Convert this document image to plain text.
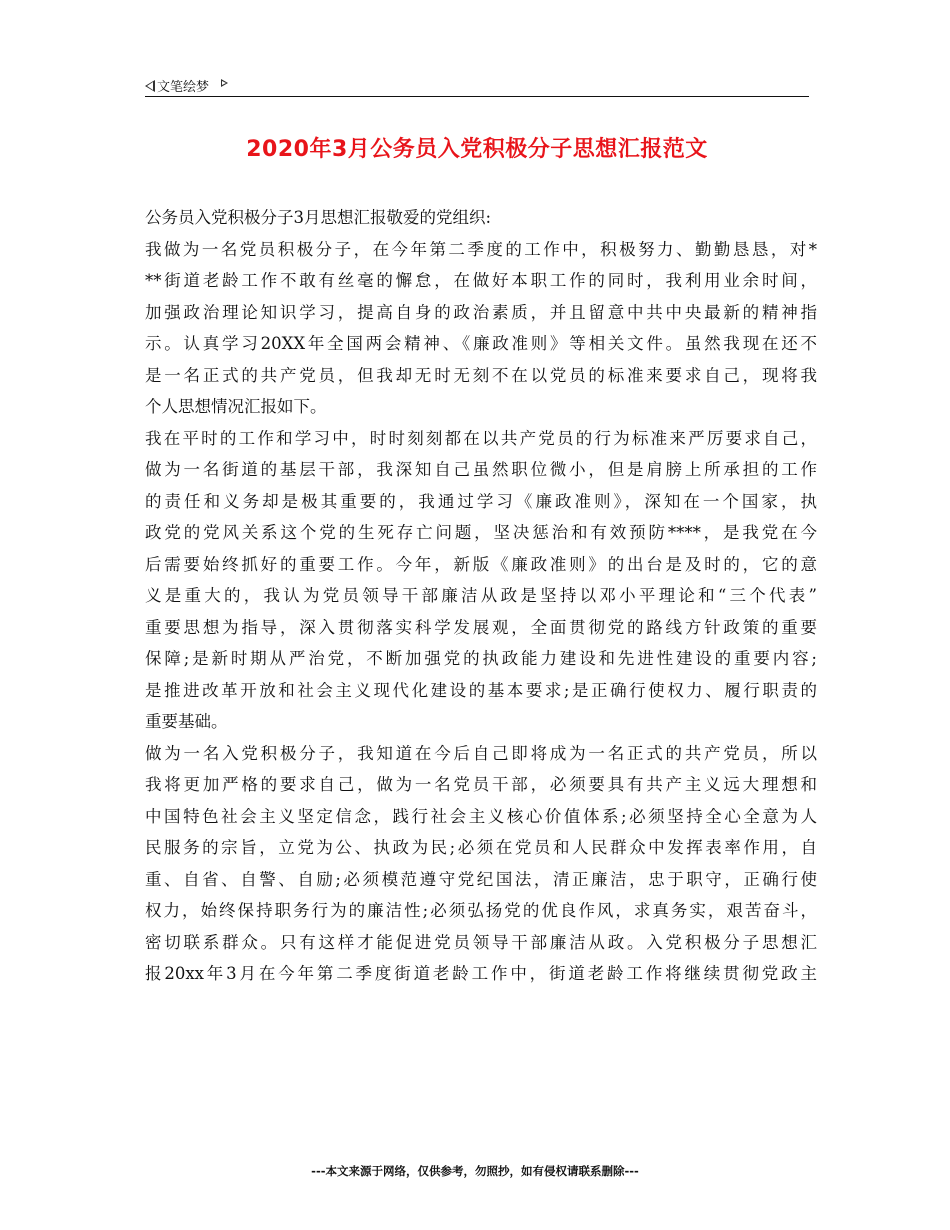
文笔绘梦
2020年3月公务员入党积极分子思想汇报范文
公务员入党积极分子3月思想汇报敬爱的党组织:
我做为一名党员积极分子，在今年第二季度的工作中，积极努力、勤勤恳恳，对*
**街道老龄工作不敢有丝毫的懈怠，在做好本职工作的同时，我利用业余时间，
加强政治理论知识学习，提高自身的政治素质，并且留意中共中央最新的精神指
示。认真学习20XX年全国两会精神、《廉政准则》等相关文件。虽然我现在还不
是一名正式的共产党员，但我却无时无刻不在以党员的标准来要求自己，现将我
个人思想情况汇报如下。
我在平时的工作和学习中，时时刻刻都在以共产党员的行为标准来严厉要求自己，
做为一名街道的基层干部，我深知自己虽然职位微小，但是肩膀上所承担的工作
的责任和义务却是极其重要的，我通过学习《廉政准则》，深知在一个国家，执
政党的党风关系这个党的生死存亡问题，坚决惩治和有效预防****，是我党在今
后需要始终抓好的重要工作。今年，新版《廉政准则》的出台是及时的，它的意
义是重大的，我认为党员领导干部廉洁从政是坚持以邓小平理论和“三个代表”
重要思想为指导，深入贯彻落实科学发展观，全面贯彻党的路线方针政策的重要
保障;是新时期从严治党，不断加强党的执政能力建设和先进性建设的重要内容;
是推进改革开放和社会主义现代化建设的基本要求;是正确行使权力、履行职责的
重要基础。
做为一名入党积极分子，我知道在今后自己即将成为一名正式的共产党员，所以
我将更加严格的要求自己，做为一名党员干部，必须要具有共产主义远大理想和
中国特色社会主义坚定信念，践行社会主义核心价值体系;必须坚持全心全意为人
民服务的宗旨，立党为公、执政为民;必须在党员和人民群众中发挥表率作用，自
重、自省、自警、自励;必须模范遵守党纪国法，清正廉洁，忠于职守，正确行使
权力，始终保持职务行为的廉洁性;必须弘扬党的优良作风，求真务实，艰苦奋斗，
密切联系群众。只有这样才能促进党员领导干部廉洁从政。入党积极分子思想汇
报20xx年3月在今年第二季度街道老龄工作中，街道老龄工作将继续贯彻党政主
---本文来源于网络，仅供参考，勿照抄，如有侵权请联系删除---
